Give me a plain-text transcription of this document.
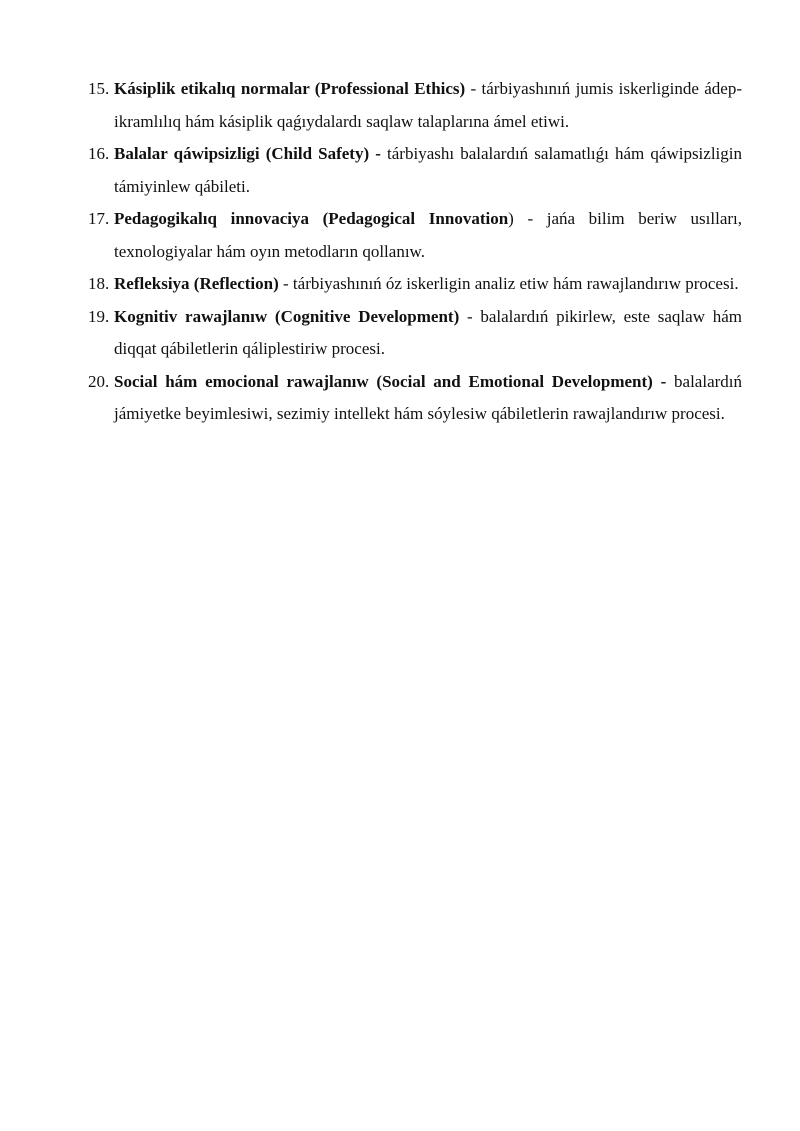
15. Kásiplik etikalıq normalar (Professional Ethics) - tárbiyashınıń jumis iskerliginde ádep-ikramlılıq hám kásiplik qaǵıydalardı saqlaw talaplarına ámel etiwi.
16. Balalar qáwipsizligi (Child Safety) - tárbiyashı balalardıń salamatlıǵı hám qáwipsizligin támiyinlew qábileti.
17. Pedagogikalıq innovaciya (Pedagogical Innovation) - jańa bilim beriw usılları, texnologiyalar hám oyın metodların qollanıw.
18. Refleksiya (Reflection) - tárbiyashınıń óz iskerligin analiz etiw hám rawajlandırıw procesi.
19. Kognitiv rawajlanıw (Cognitive Development) - balalardıń pikirlew, este saqlaw hám diqqat qábiletlerin qáliplestiriw procesi.
20. Social hám emocional rawajlanıw (Social and Emotional Development) - balalardıń jámiyetke beyimlesiwi, sezimiy intellekt hám sóylesiw qábiletlerin rawajlandırıw procesi.
